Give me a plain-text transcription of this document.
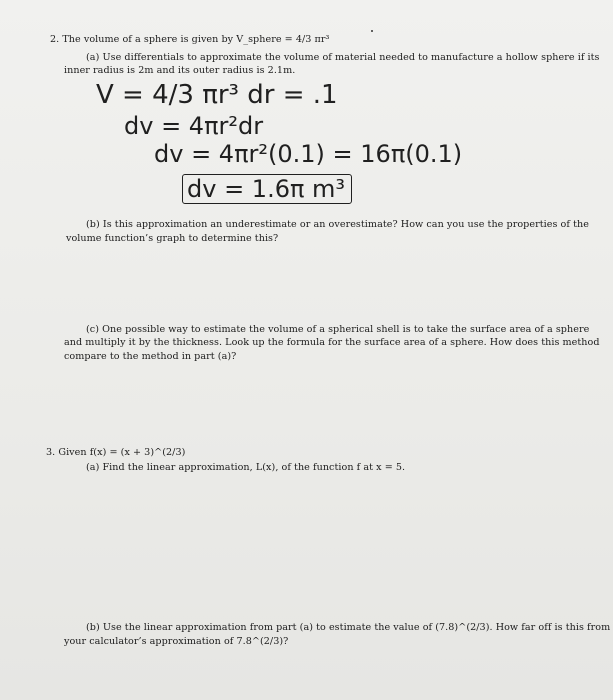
2. The volume of a sphere is given by V_sphere = 4/3 πr³
(a) Use differentials to approximate the volume of material needed to manufacture a hollow sphere if its
inner radius is 2m and its outer radius is 2.1m.
V = 4/3 πr³ dr = .1
dv = 4πr²dr
dv = 4πr²(0.1) = 16π(0.1)
dv = 1.6π m³
(b) Is this approximation an underestimate or an overestimate? How can you use the properties of the
volume function’s graph to determine this?
(c) One possible way to estimate the volume of a spherical shell is to take the surface area of a sphere
and multiply it by the thickness. Look up the formula for the surface area of a sphere. How does this method
compare to the method in part (a)?
3. Given f(x) = (x + 3)^(2/3)
(a) Find the linear approximation, L(x), of the function f at x = 5.
(b) Use the linear approximation from part (a) to estimate the value of (7.8)^(2/3). How far off is this from
your calculator’s approximation of 7.8^(2/3)?
